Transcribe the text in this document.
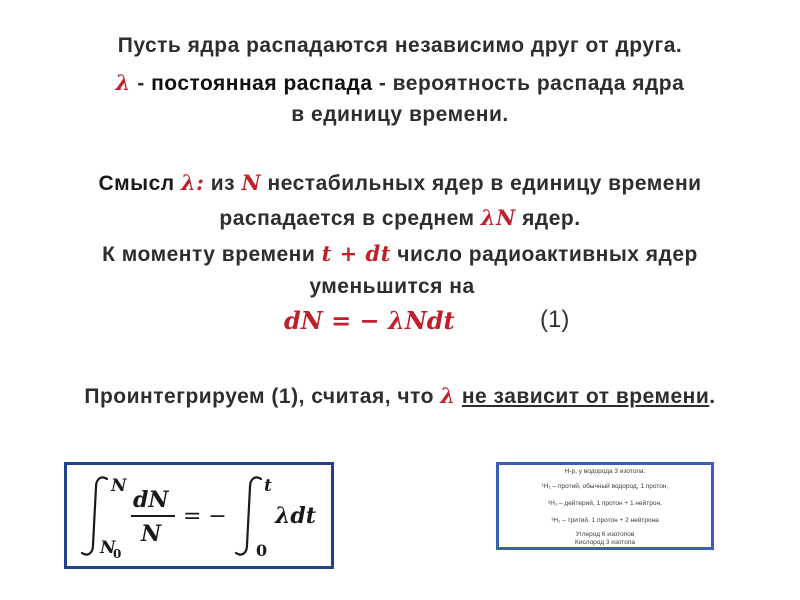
Пусть ядра распадаются независимо друг от друга.
λ - постоянная распада - вероятность распада ядра
в единицу времени.
Смысл λ: из N нестабильных ядер в единицу времени
распадается в среднем λN ядер.
К моменту времени t + dt число радиоактивных ядер
уменьшится на
dN = − λNdt	(1)
Проинтегрируем (1), считая, что λ не зависит от времени.
N
N
0
dN
N
= −
t
0
λdt
Н-р, у водорода 3 изотопа:
¹H₁ – протий, обычный водород, 1 протон,
²H₁ – дейтерий, 1 протон + 1 нейтрон,
³H₁ – тритий, 1 протон + 2 нейтрона
Углерод 6 изотопов
Кислород 3 изотопа
